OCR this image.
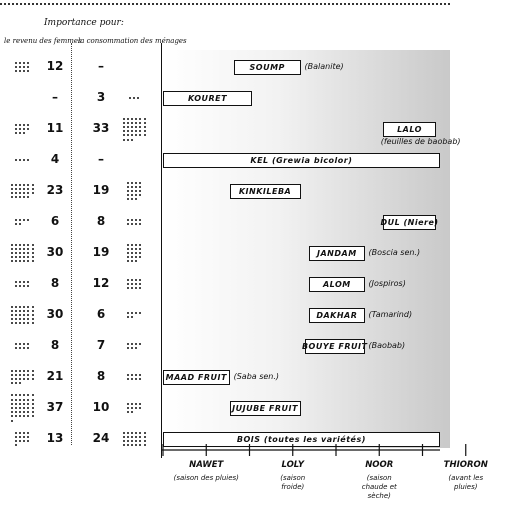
Importance pour:
le revenu des femmes
la consommation des ménages
12	–	SOUMP	(Balanite)
–	3	KOURET
11	33	LALO
(feuilles de baobab)
4	–	KEL (Grewia bicolor)
23	19	KINKILEBA
6	8	DUL (Niere)
30	19	JANDAM	(Boscia sen.)
8	12	ALOM	(Jospiros)
30	6	DAKHAR	(Tamarind)
8	7	BOUYE FRUIT (Baobab)
21	8	MAAD FRUIT (Saba sen.)
37	10	JUJUBE FRUIT
13	24	BOIS (toutes les variétés)
NAWET
(saison des pluies)
LOLY
(saison froide)
NOOR
(saison chaude et sèche)
THIORON
(avant les pluies)
